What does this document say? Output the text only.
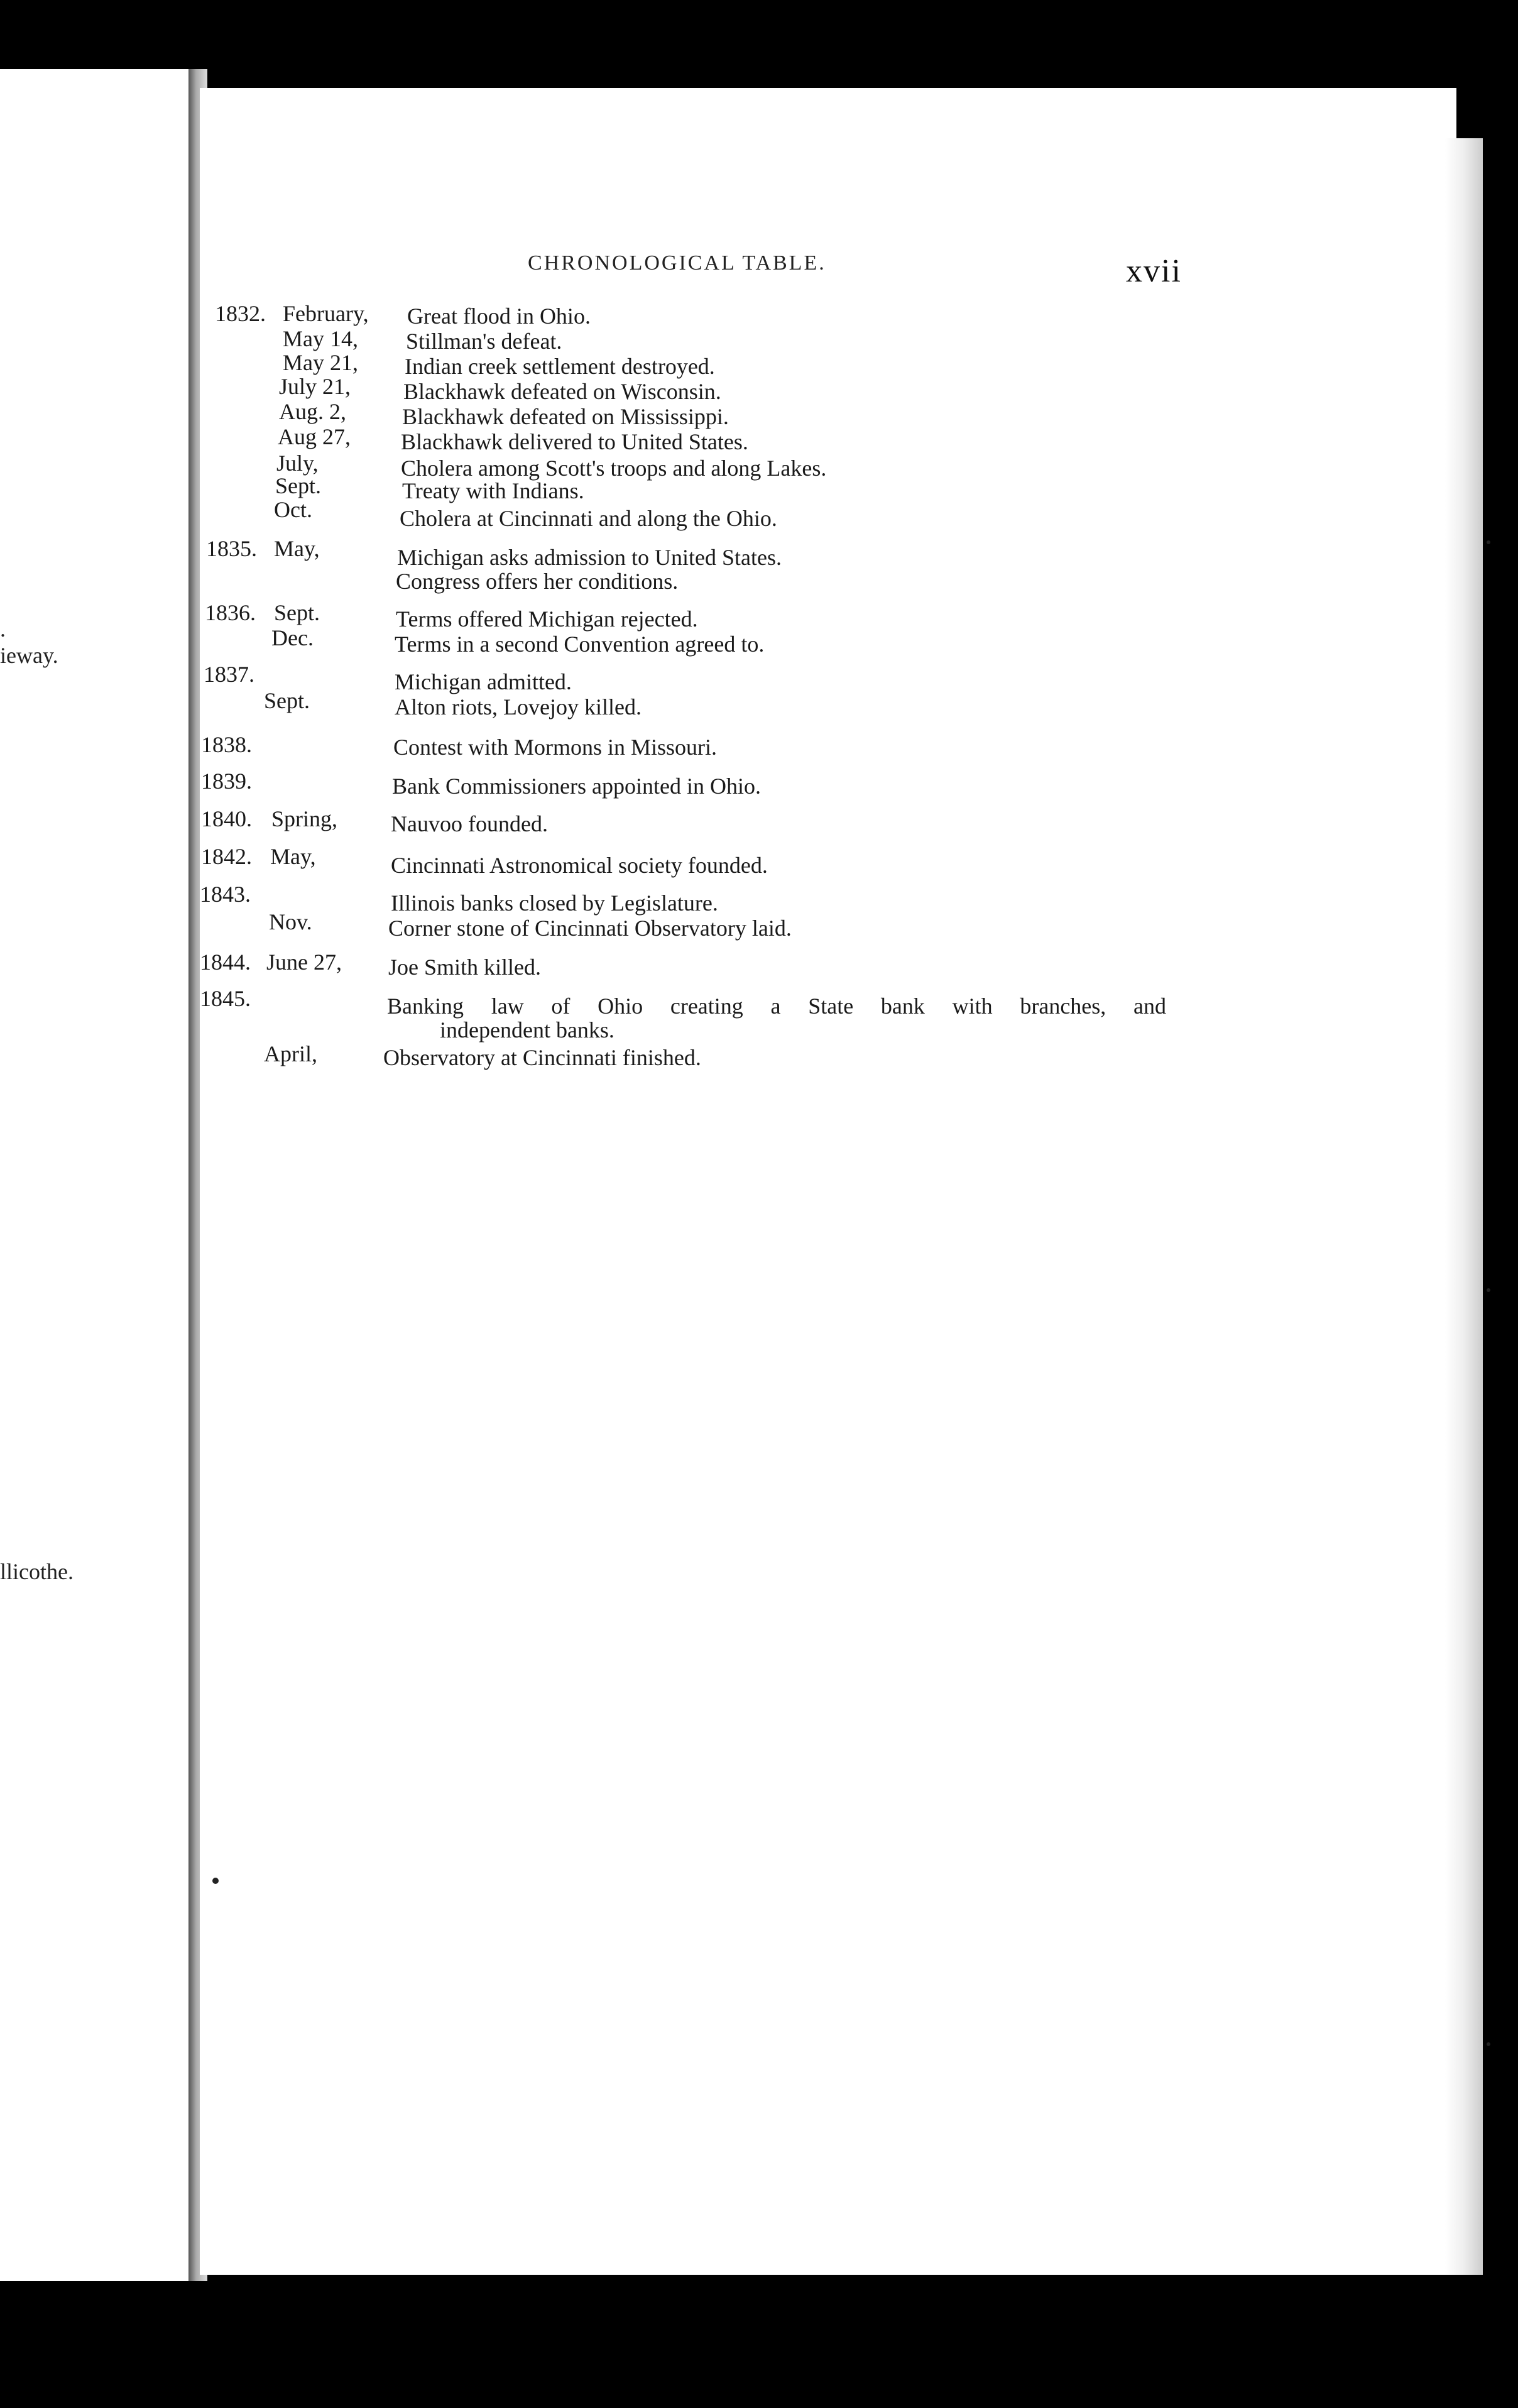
.
ieway.
llicothe.
CHRONOLOGICAL TABLE.	xvii
1832. February, Great flood in Ohio.
May 14, Stillman's defeat.
May 21, Indian creek settlement destroyed.
July 21, Blackhawk defeated on Wisconsin.
Aug. 2, Blackhawk defeated on Mississippi.
Aug 27, Blackhawk delivered to United States.
July,	Cholera among Scott's troops and along Lakes.
Sept.	Treaty with Indians.
Oct.	Cholera at Cincinnati and along the Ohio.
1835. May,	Michigan asks admission to United States.
Congress offers her conditions.
1836. Sept.	Terms offered Michigan rejected.
Dec.	Terms in a second Convention agreed to.
1837.	Michigan admitted.
Sept.	Alton riots, Lovejoy killed.
1838.	Contest with Mormons in Missouri.
1839.	Bank Commissioners appointed in Ohio.
1840. Spring, Nauvoo founded.
1842. May,	Cincinnati Astronomical society founded.
1843.	Illinois banks closed by Legislature.
Nov.	Corner stone of Cincinnati Observatory laid.
1844. June 27, Joe Smith killed.
1845.	Banking law of Ohio creating a State bank with branches, and
independent banks.
April,	Observatory at Cincinnati finished.
